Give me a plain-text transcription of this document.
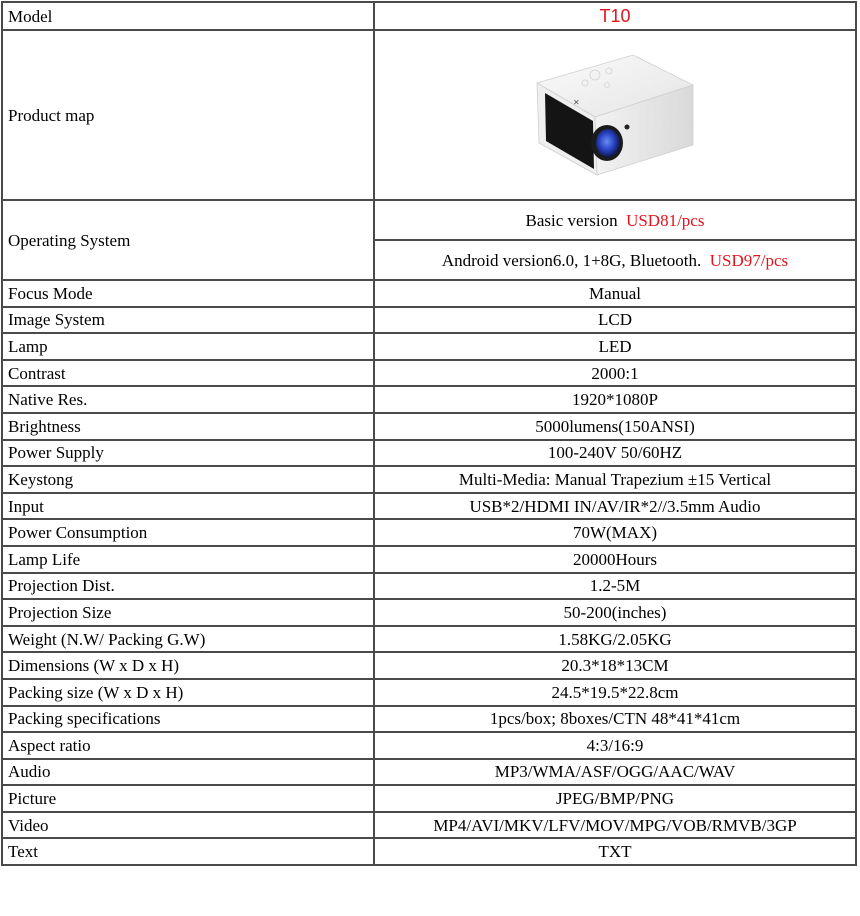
Model	T10
Product map	✕

Operating System	Basic version USD81/pcs
	Android version6.0, 1+8G, Bluetooth. USD97/pcs
Focus Mode	Manual
Image System	LCD
Lamp	LED
Contrast	2000:1
Native Res.	1920*1080P
Brightness	5000lumens(150ANSI)
Power Supply	100-240V 50/60HZ
Keystong	Multi-Media: Manual Trapezium ±15 Vertical
Input	USB*2/HDMI IN/AV/IR*2//3.5mm Audio
Power Consumption	70W(MAX)
Lamp Life	20000Hours
Projection Dist.	1.2-5M
Projection Size	50-200(inches)
Weight (N.W/ Packing G.W)	1.58KG/2.05KG
Dimensions (W x D x H)	20.3*18*13CM
Packing size (W x D x H)	24.5*19.5*22.8cm
Packing specifications	1pcs/box; 8boxes/CTN 48*41*41cm
Aspect ratio	4:3/16:9
Audio	MP3/WMA/ASF/OGG/AAC/WAV
Picture	JPEG/BMP/PNG
Video	MP4/AVI/MKV/LFV/MOV/MPG/VOB/RMVB/3GP
Text	TXT
